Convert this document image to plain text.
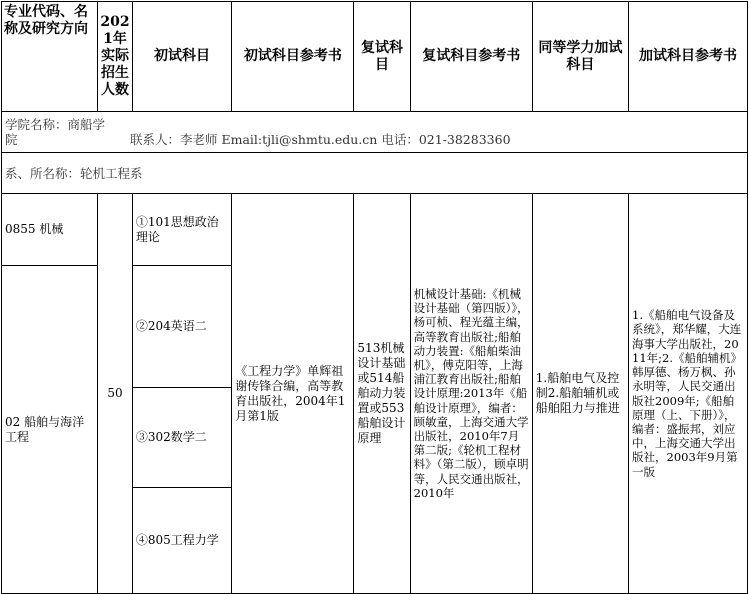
专业代码、名称及研究方向	2021年实际招生人数	初试科目	初试科目参考书	复试科目	复试科目参考书	同等学力加试科目	加试科目参考书
学院名称：商船学院 联系人：李老师 Email:tjli@shmtu.edu.cn 电话：021-38283360							
系、所名称：轮机工程系							
0855 机械	50	①101思想政治理论	《工程力学》单辉祖谢传锋合编，高等教育出版社，2004年1月第1版	513机械设计基础或514船舶动力装置或553船舶设计原理	机械设计基础:《机械设计基础（第四版）》，杨可桢、程光蕴主编，高等教育出版社;船舶动力装置:《船舶柴油机》，傅克阳等，上海浦江教育出版社;船舶设计原理:2013年《船舶设计原理》，编者：顾敏童，上海交通大学出版社，2010年7月第二版;《轮机工程材料》（第二版），顾卓明等，人民交通出版社，2010年	1.船舶电气及控制2.船舶辅机或船舶阻力与推进	1.《船舶电气设备及系统》，郑华耀，大连海事大学出版社，2011年;2.《船舶辅机》韩厚德、杨万枫、孙永明等，人民交通出版社2009年;《船舶原理（上、下册）》，编者：盛振邦，刘应中，上海交通大学出版社，2003年9月第一版
02 船舶与海洋工程		②204英语二					
		③302数学二					
		④805工程力学					
